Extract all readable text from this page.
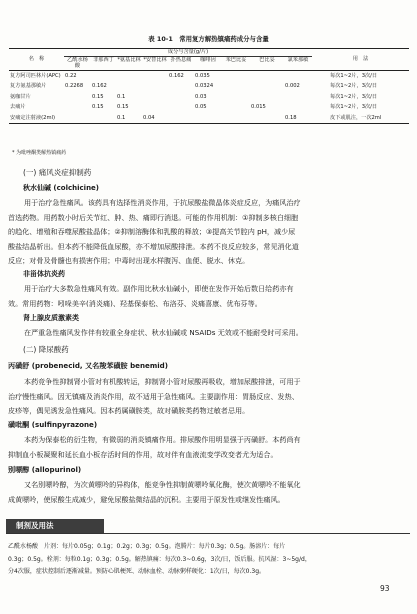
表 10-1　常用复方解热镇痛药成分与含量
名　称	成分与含量(g/片)									用　法
	乙酰水杨酸	非那西丁	*氨基比林	*安替比林	扑热息痛	咖啡因	苯巴比妥	巴比妥	氯苯那敏	
复方阿司匹林片(APC)	0.22				0.162	0.035				每次1~2片，3次/日
复方氨基那敏片	0.2268	0.162				0.0324			0.002	每次1~2片，3次/日
氨咖甘片		0.15	0.1			0.03				每次1~2片，3次/日
去痛片		0.15	0.15			0.05		0.015		每次1~2片，3次/日
安痛定注射液(2ml)			0.1	0.04					0.18	皮下或肌注，一次2ml
* 为吡唑酮类解热镇痛药
(一) 痛风炎症抑制药
秋水仙碱 (colchicine)
用于治疗急性痛风。该药具有选择性消炎作用，于抗尿酸盐微晶体炎症反应，为痛风治疗
首选药物。用药数小时后关节红、肿、热、痛即行消退。可能的作用机制：①抑制多核白细胞
的趋化、增殖和吞噬尿酸盐晶体；②抑制溶酶体和乳酸的释放；③提高关节腔内 pH，减少尿
酸盐结晶析出。但本药不能降低血尿酸，亦不增加尿酸排泄。本药不良反应较多，常见消化道
反应；对骨及骨髓也有损害作用；中毒时出现水样腹泻、血便、脱水、休克。
非甾体抗炎药
用于治疗大多数急性痛风有效。副作用比秋水仙碱小，即使在发作开始后数日给药亦有
效。常用药物：吲哚美辛(消炎痛)、羟基保泰松、布洛芬、炎痛喜康、优布芬等。
肾上腺皮质激素类
在严重急性痛风发作伴有较重全身症状、秋水仙碱或 NSAIDs 无效或不能耐受时可采用。
(二) 降尿酸药
丙磺舒 (probenecid, 又名羧苯磺胺 benemid)
本药竞争性抑制肾小管对有机酸转运，抑制肾小管对尿酸再吸收，增加尿酸排泄，可用于
治疗慢性痛风。因无镇痛及消炎作用，故不适用于急性痛风。主要副作用：胃肠反应、发热、
皮疹等，偶见诱发急性痛风。因本药属磺胺类，故对磺胺类药物过敏者忌用。
磺吡酮 (sulfinpyrazone)
本药为保泰松的衍生物，有微弱的消炎镇痛作用。排尿酸作用明显强于丙磺舒。本药尚有
抑制血小板凝聚和延长血小板存活时间的作用，故对伴有血液流变学改变者尤为适合。
别嘌醇 (allopurinol)
又名别嘌呤醇，为次黄嘌呤的异构体，能竞争性抑制黄嘌呤氧化酶，使次黄嘌呤不能氧化
成黄嘌呤，使尿酸生成减少，避免尿酸盐微结晶的沉积。主要用于原发性或继发性痛风。
制剂及用法
乙酰水杨酸　片剂：每片0.05g；0.1g；0.2g；0.3g；0.5g。泡腾片：每片0.3g；0.5g。肠溶片：每片
0.3g；0.5g。栓剂：每粒0.1g；0.3g；0.5g。解热镇痛：每次0.3~0.6g，3次/日，饭后服。抗风湿：3~5g/d，
分4次服，症状控制后逐渐减量。预防心肌梗死、动脉血栓、动脉粥样硬化：1次/日，每次0.3g。
93
